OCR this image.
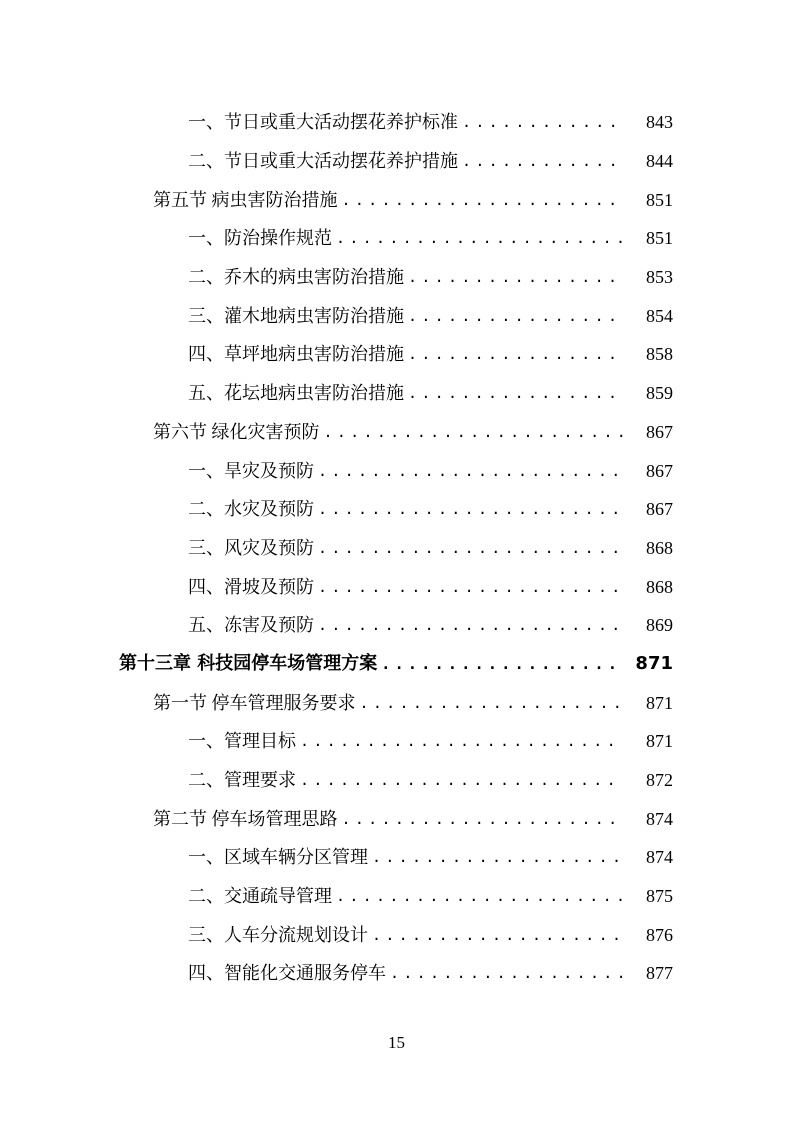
一、节日或重大活动摆花养护标准 .....	843
二、节日或重大活动摆花养护措施 .....	844
第五节 病虫害防治措施 .....	851
一、防治操作规范 .....	851
二、乔木的病虫害防治措施 .....	853
三、灌木地病虫害防治措施 .....	854
四、草坪地病虫害防治措施 .....	858
五、花坛地病虫害防治措施 .....	859
第六节 绿化灾害预防 .....	867
一、旱灾及预防 .....	867
二、水灾及预防 .....	867
三、风灾及预防 .....	868
四、滑坡及预防 .....	868
五、冻害及预防 .....	869
第十三章 科技园停车场管理方案 .....	871
第一节 停车管理服务要求 .....	871
一、管理目标 .....	871
二、管理要求 .....	872
第二节 停车场管理思路 .....	874
一、区域车辆分区管理 .....	874
二、交通疏导管理 .....	875
三、人车分流规划设计 .....	876
四、智能化交通服务停车 .....	877
15
